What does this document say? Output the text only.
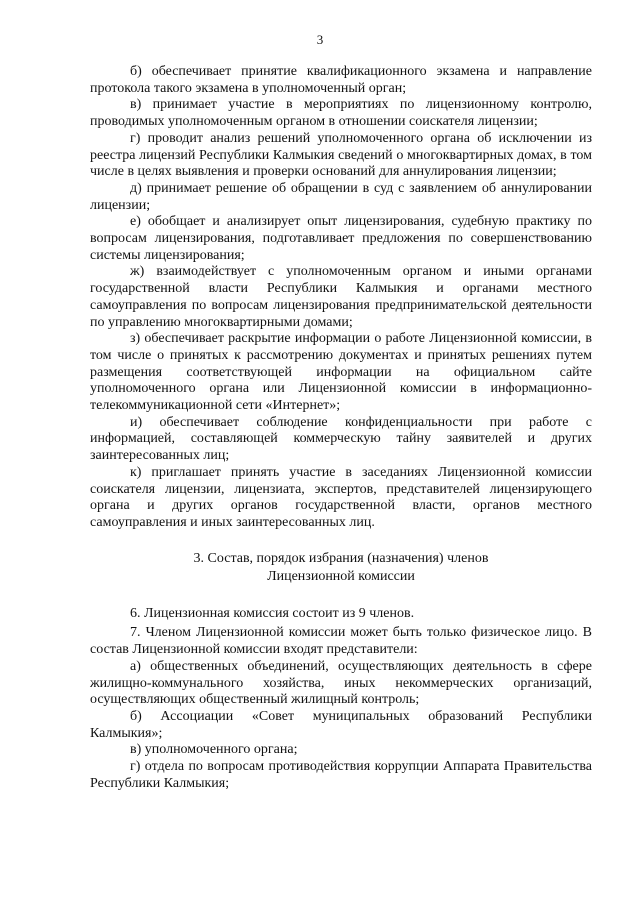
3

б) обеспечивает принятие квалификационного экзамена и направление протокола такого экзамена в уполномоченный орган;

в) принимает участие в мероприятиях по лицензионному контролю, проводимых уполномоченным органом в отношении соискателя лицензии;

г) проводит анализ решений уполномоченного органа об исключении из реестра лицензий Республики Калмыкия сведений о многоквартирных домах, в том числе в целях выявления и проверки оснований для аннулирования лицензии;

д) принимает решение об обращении в суд с заявлением об аннулировании лицензии;

е) обобщает и анализирует опыт лицензирования, судебную практику по вопросам лицензирования, подготавливает предложения по совершенствованию системы лицензирования;

ж) взаимодействует с уполномоченным органом и иными органами государственной власти Республики Калмыкия и органами местного самоуправления по вопросам лицензирования предпринимательской деятельности по управлению многоквартирными домами;

з) обеспечивает раскрытие информации о работе Лицензионной комиссии, в том числе о принятых к рассмотрению документах и принятых решениях путем размещения соответствующей информации на официальном сайте уполномоченного органа или Лицензионной комиссии в информационно-телекоммуникационной сети «Интернет»;

и) обеспечивает соблюдение конфиденциальности при работе с информацией, составляющей коммерческую тайну заявителей и других заинтересованных лиц;

к) приглашает принять участие в заседаниях Лицензионной комиссии соискателя лицензии, лицензиата, экспертов, представителей лицензирующего органа и других органов государственной власти, органов местного самоуправления и иных заинтересованных лиц.

3. Состав, порядок избрания (назначения) членов
Лицензионной комиссии

6. Лицензионная комиссия состоит из 9 членов.

7. Членом Лицензионной комиссии может быть только физическое лицо. В состав Лицензионной комиссии входят представители:

а) общественных объединений, осуществляющих деятельность в сфере жилищно-коммунального хозяйства, иных некоммерческих организаций, осуществляющих общественный жилищный контроль;

б) Ассоциации «Совет муниципальных образований Республики Калмыкия»;

в) уполномоченного органа;

г) отдела по вопросам противодействия коррупции Аппарата Правительства Республики Калмыкия;
